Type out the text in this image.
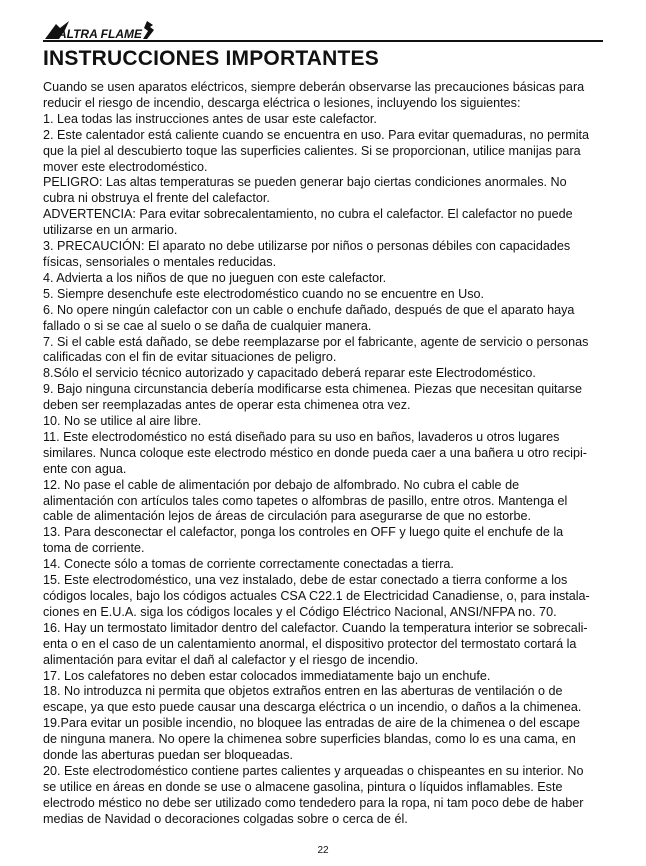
ALTRA FLAME
INSTRUCCIONES IMPORTANTES

Cuando se usen aparatos eléctricos, siempre deberán observarse las precauciones básicas para

reducir el riesgo de incendio, descarga eléctrica o lesiones, incluyendo los siguientes:

1. Lea todas las instrucciones antes de usar este calefactor.

2. Este calentador está caliente cuando se encuentra en uso. Para evitar quemaduras, no permita

que la piel al descubierto toque las superficies calientes. Si se proporcionan, utilice manijas para

mover este electrodoméstico.

PELIGRO: Las altas temperaturas se pueden generar bajo ciertas condiciones anormales. No

cubra ni obstruya el frente del calefactor.

ADVERTENCIA: Para evitar sobrecalentamiento, no cubra el calefactor. El calefactor no puede

utilizarse en un armario.

3. PRECAUCIÓN: El aparato no debe utilizarse por niños o personas débiles con capacidades

físicas, sensoriales o mentales reducidas.

4. Advierta a los niños de que no jueguen con este calefactor.

5. Siempre desenchufe este electrodoméstico cuando no se encuentre en Uso.

6. No opere ningún calefactor con un cable o enchufe dañado, después de que el aparato haya

fallado o si se cae al suelo o se daña de cualquier manera.

7. Si el cable está dañado, se debe reemplazarse por el fabricante, agente de servicio o personas

calificadas con el fin de evitar situaciones de peligro.

8.Sólo el servicio técnico autorizado y capacitado deberá reparar este Electrodoméstico.

9. Bajo ninguna circunstancia debería modificarse esta chimenea. Piezas que necesitan quitarse

deben ser reemplazadas antes de operar esta chimenea otra vez.

10. No se utilice al aire libre.

11. Este electrodoméstico no está diseñado para su uso en baños, lavaderos u otros lugares

similares. Nunca coloque este electrodo méstico en donde pueda caer a una bañera u otro recipi-

ente con agua.

12. No pase el cable de alimentación por debajo de alfombrado. No cubra el cable de

alimentación con artículos tales como tapetes o alfombras de pasillo, entre otros. Mantenga el

cable de alimentación lejos de áreas de circulación para asegurarse de que no estorbe.

13. Para desconectar el calefactor, ponga los controles en OFF y luego quite el enchufe de la

toma de corriente.

14. Conecte sólo a tomas de corriente correctamente conectadas a tierra.

15. Este electrodoméstico, una vez instalado, debe de estar conectado a tierra conforme a los

códigos locales, bajo los códigos actuales CSA C22.1 de Electricidad Canadiense, o, para instala-

ciones en E.U.A. siga los códigos locales y el Código Eléctrico Nacional, ANSI/NFPA no. 70.

16. Hay un termostato limitador dentro del calefactor. Cuando la temperatura interior se sobrecali-

enta o en el caso de un calentamiento anormal, el dispositivo protector del termostato cortará la

alimentación para evitar el dañ al calefactor y el riesgo de incendio.

17. Los calefatores no deben estar colocados immediatamente bajo un enchufe.

18. No introduzca ni permita que objetos extraños entren en las aberturas de ventilación o de

escape, ya que esto puede causar una descarga eléctrica o un incendio, o daños a la chimenea.

19.Para evitar un posible incendio, no bloquee las entradas de aire de la chimenea o del escape

de ninguna manera. No opere la chimenea sobre superficies blandas, como lo es una cama, en

donde las aberturas puedan ser bloqueadas.

20. Este electrodoméstico contiene partes calientes y arqueadas o chispeantes en su interior. No

se utilice en áreas en donde se use o almacene gasolina, pintura o líquidos inflamables. Este

electrodo méstico no debe ser utilizado como tendedero para la ropa, ni tam poco debe de haber

medias de Navidad o decoraciones colgadas sobre o cerca de él.

22
